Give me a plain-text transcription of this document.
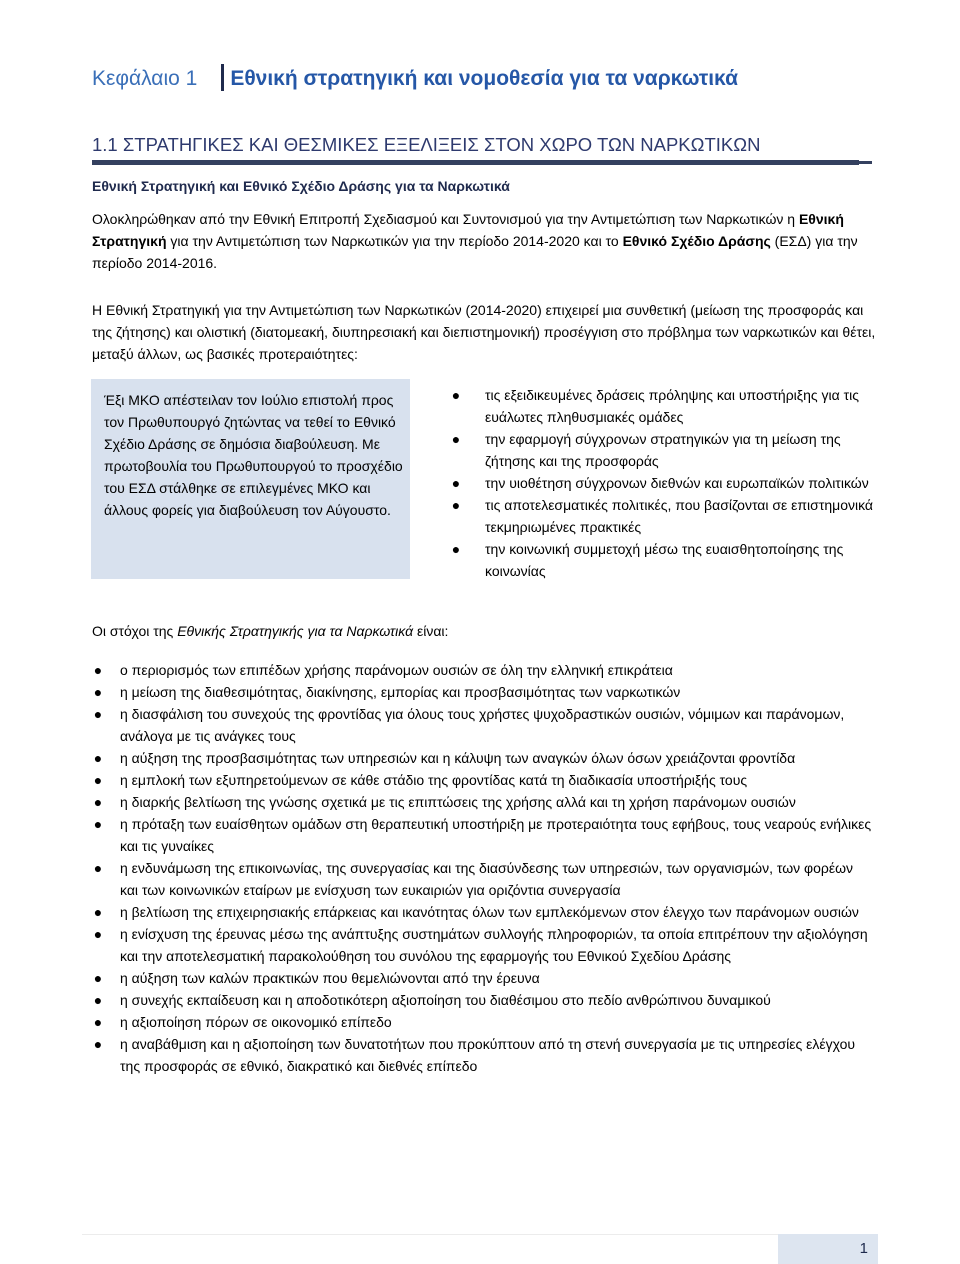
Κεφάλαιο 1 Εθνική στρατηγική και νομοθεσία για τα ναρκωτικά
1.1 ΣΤΡΑΤΗΓΙΚΕΣ ΚΑΙ ΘΕΣΜΙΚΕΣ ΕΞΕΛΙΞΕΙΣ ΣΤΟΝ ΧΩΡΟ ΤΩΝ ΝΑΡΚΩΤΙΚΩΝ
Εθνική Στρατηγική και Εθνικό Σχέδιο Δράσης για τα Ναρκωτικά
Ολοκληρώθηκαν από την Εθνική Επιτροπή Σχεδιασμού και Συντονισμού για την Αντιμετώπιση των Ναρκωτικών η Εθνική Στρατηγική για την Αντιμετώπιση των Ναρκωτικών για την περίοδο 2014-2020 και το Εθνικό Σχέδιο Δράσης (ΕΣΔ) για την περίοδο 2014-2016.
Η Εθνική Στρατηγική για την Αντιμετώπιση των Ναρκωτικών (2014-2020) επιχειρεί μια συνθετική (μείωση της προσφοράς και της ζήτησης) και ολιστική (διατομεακή, διυπηρεσιακή και διεπιστημονική) προσέγγιση στο πρόβλημα των ναρκωτικών και θέτει, μεταξύ άλλων, ως βασικές προτεραιότητες:
Έξι ΜΚΟ απέστειλαν τον Ιούλιο επιστολή προς τον Πρωθυπουργό ζητώντας να τεθεί το Εθνικό Σχέδιο Δράσης σε δημόσια διαβούλευση. Με πρωτοβουλία του Πρωθυπουργού το προσχέδιο του ΕΣΔ στάλθηκε σε επιλεγμένες ΜΚΟ και άλλους φορείς για διαβούλευση τον Αύγουστο.
● τις εξειδικευμένες δράσεις πρόληψης και υποστήριξης για τις ευάλωτες πληθυσμιακές ομάδες
● την εφαρμογή σύγχρονων στρατηγικών για τη μείωση της ζήτησης και της προσφοράς
● την υιοθέτηση σύγχρονων διεθνών και ευρωπαϊκών πολιτικών
● τις αποτελεσματικές πολιτικές, που βασίζονται σε επιστημονικά τεκμηριωμένες πρακτικές
● την κοινωνική συμμετοχή μέσω της ευαισθητοποίησης της κοινωνίας
Οι στόχοι της Εθνικής Στρατηγικής για τα Ναρκωτικά είναι:
● ο περιορισμός των επιπέδων χρήσης παράνομων ουσιών σε όλη την ελληνική επικράτεια
● η μείωση της διαθεσιμότητας, διακίνησης, εμπορίας και προσβασιμότητας των ναρκωτικών
● η διασφάλιση του συνεχούς της φροντίδας για όλους τους χρήστες ψυχοδραστικών ουσιών, νόμιμων και παράνομων, ανάλογα με τις ανάγκες τους
● η αύξηση της προσβασιμότητας των υπηρεσιών και η κάλυψη των αναγκών όλων όσων χρειάζονται φροντίδα
● η εμπλοκή των εξυπηρετούμενων σε κάθε στάδιο της φροντίδας κατά τη διαδικασία υποστήριξής τους
● η διαρκής βελτίωση της γνώσης σχετικά με τις επιπτώσεις της χρήσης αλλά και τη χρήση παράνομων ουσιών
● η πρόταξη των ευαίσθητων ομάδων στη θεραπευτική υποστήριξη με προτεραιότητα τους εφήβους, τους νεαρούς ενήλικες και τις γυναίκες
● η ενδυνάμωση της επικοινωνίας, της συνεργασίας και της διασύνδεσης των υπηρεσιών, των οργανισμών, των φορέων και των κοινωνικών εταίρων με ενίσχυση των ευκαιριών για οριζόντια συνεργασία
● η βελτίωση της επιχειρησιακής επάρκειας και ικανότητας όλων των εμπλεκόμενων στον έλεγχο των παράνομων ουσιών
● η ενίσχυση της έρευνας μέσω της ανάπτυξης συστημάτων συλλογής πληροφοριών, τα οποία επιτρέπουν την αξιολόγηση και την αποτελεσματική παρακολούθηση του συνόλου της εφαρμογής του Εθνικού Σχεδίου Δράσης
● η αύξηση των καλών πρακτικών που θεμελιώνονται από την έρευνα
● η συνεχής εκπαίδευση και η αποδοτικότερη αξιοποίηση του διαθέσιμου στο πεδίο ανθρώπινου δυναμικού
● η αξιοποίηση πόρων σε οικονομικό επίπεδο
● η αναβάθμιση και η αξιοποίηση των δυνατοτήτων που προκύπτουν από τη στενή συνεργασία με τις υπηρεσίες ελέγχου της προσφοράς σε εθνικό, διακρατικό και διεθνές επίπεδο
1
